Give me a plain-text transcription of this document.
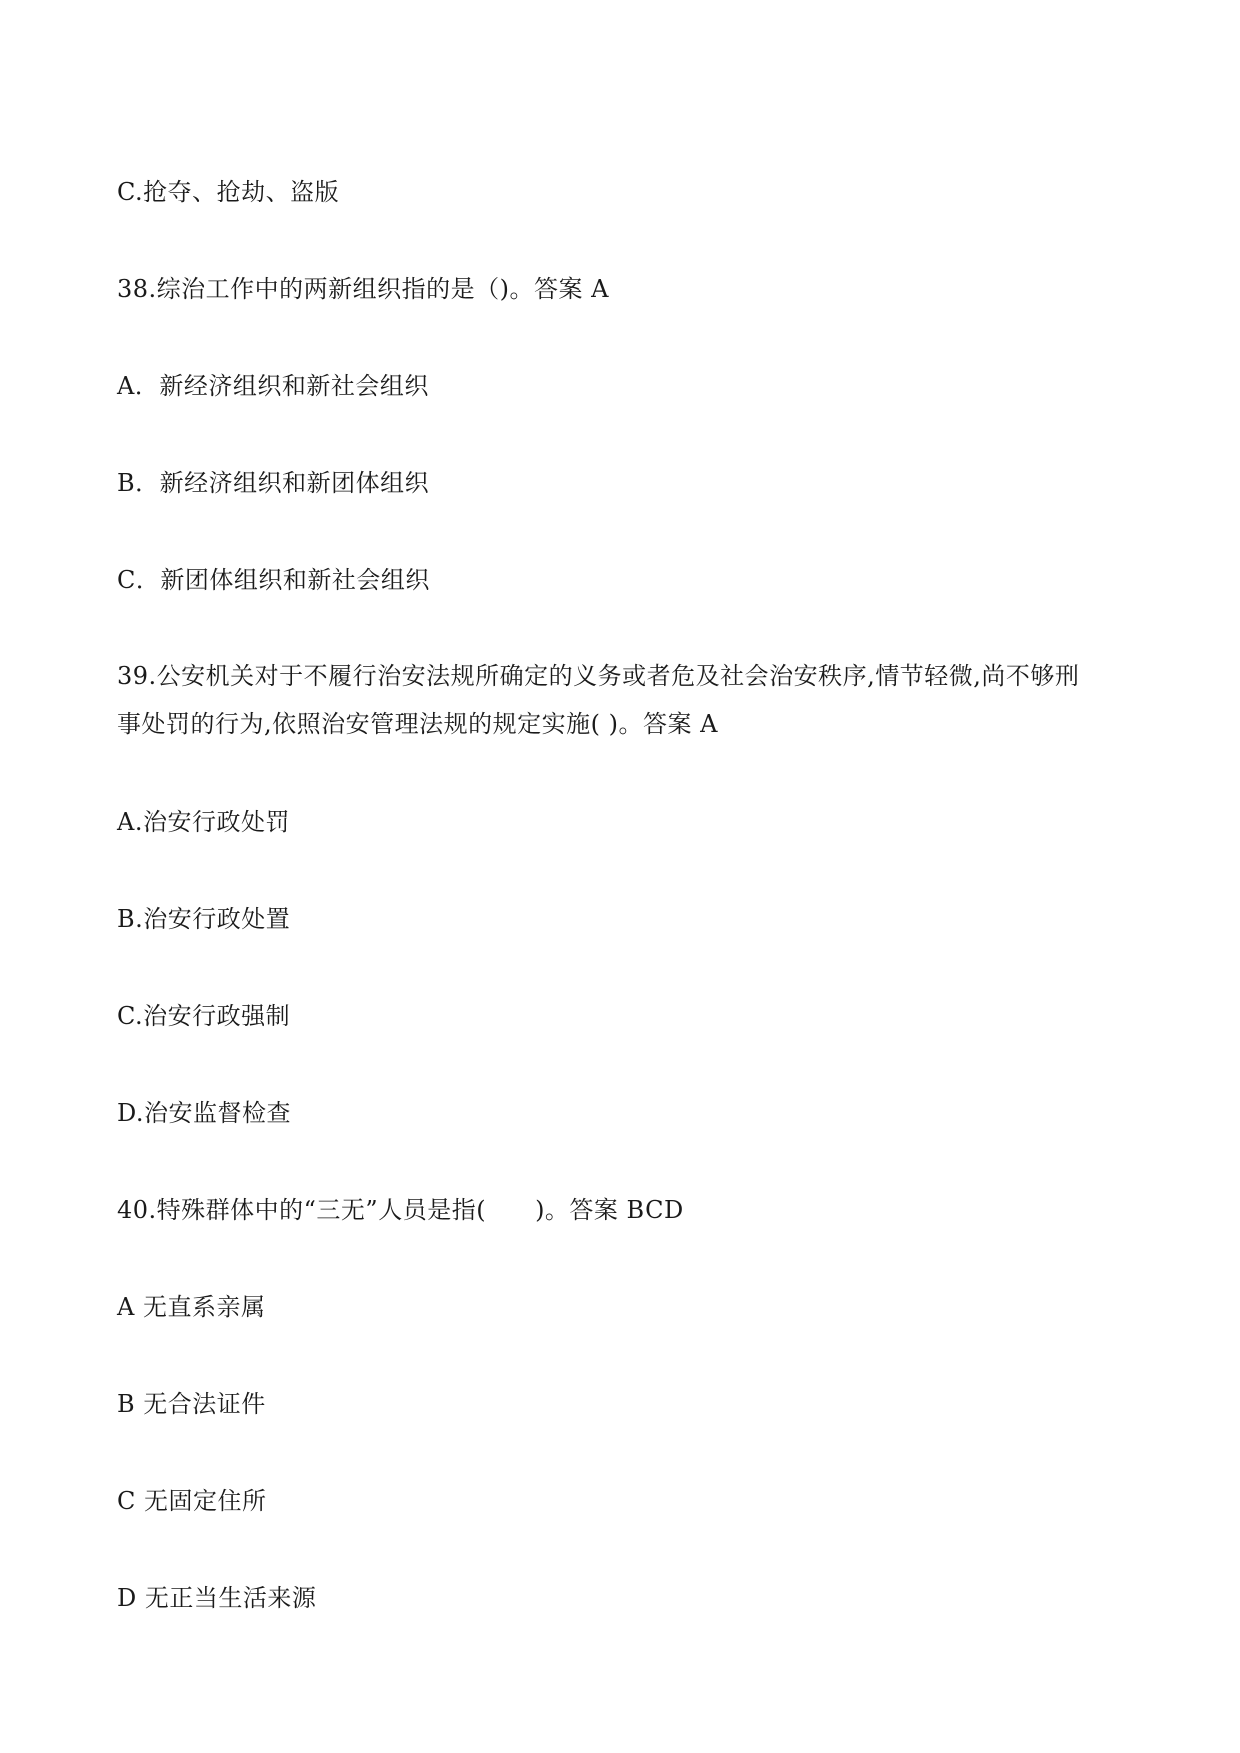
C.抢夺、抢劫、盗版
38.综治工作中的两新组织指的是（)。答案 A
A．新经济组织和新社会组织
B．新经济组织和新团体组织
C．新团体组织和新社会组织
39.公安机关对于不履行治安法规所确定的义务或者危及社会治安秩序,情节轻微,尚不够刑
事处罚的行为,依照治安管理法规的规定实施( )。答案 A
A.治安行政处罚
B.治安行政处置
C.治安行政强制
D.治安监督检查
40.特殊群体中的“三无”人员是指(　　)。答案 BCD
A 无直系亲属
B 无合法证件
C 无固定住所
D 无正当生活来源
